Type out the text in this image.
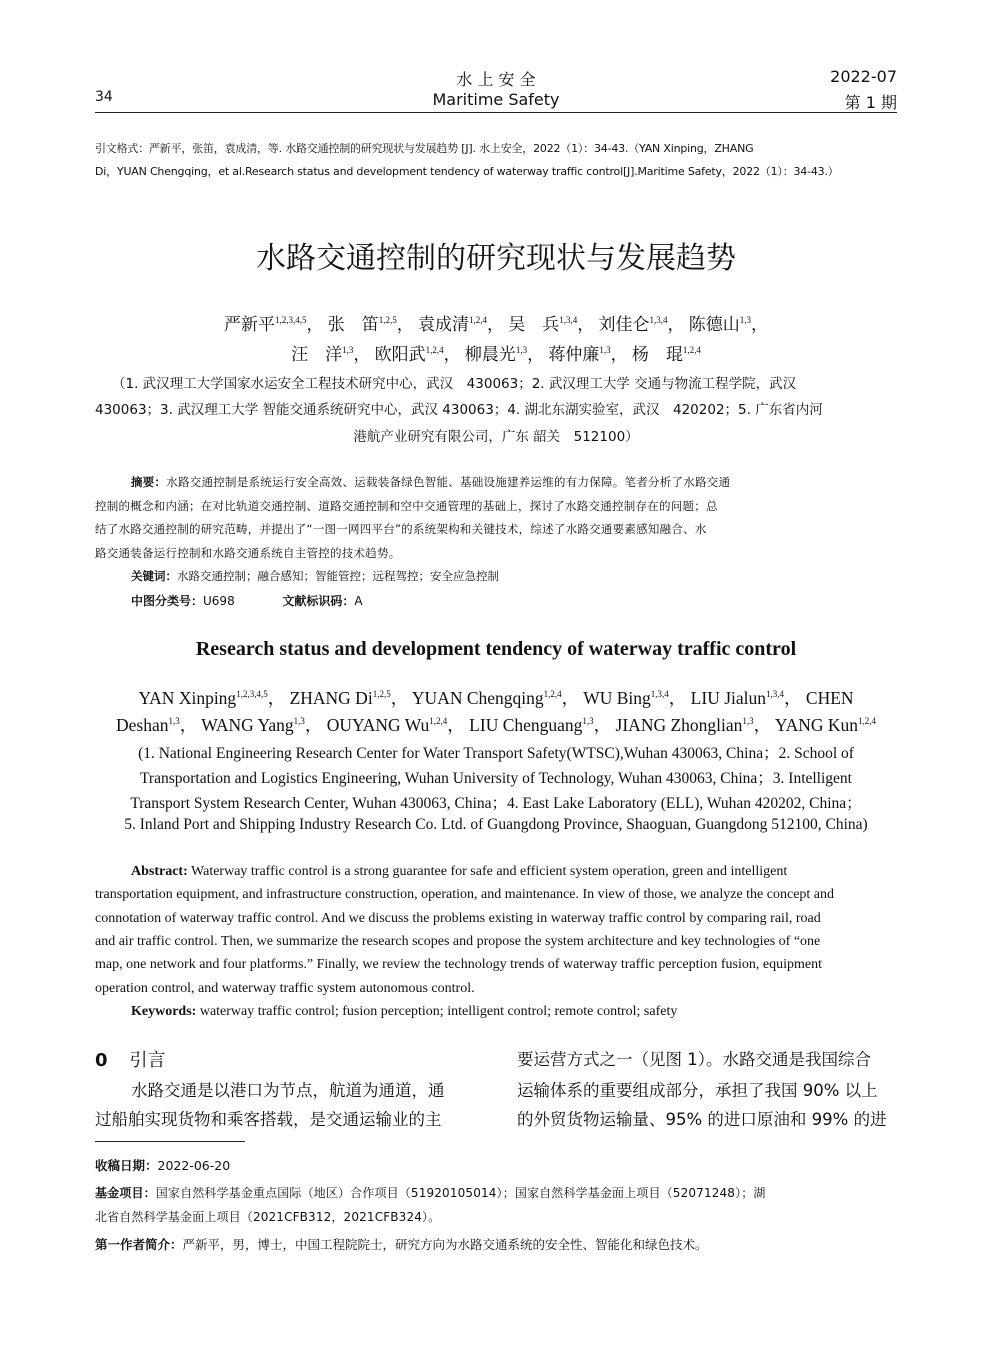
34
水 上 安 全
Maritime Safety
2022-07
第 1 期
引文格式：严新平，张笛，袁成清，等. 水路交通控制的研究现状与发展趋势 [J]. 水上安全，2022（1）：34-43.（YAN Xinping，ZHANG
Di，YUAN Chengqing，et al.Research status and development tendency of waterway traffic control[J].Maritime Safety，2022（1）：34-43.）
水路交通控制的研究现状与发展趋势
严新平$^{1,2,3,4,5}$， 张　笛$^{1,2,5}$， 袁成清$^{1,2,4}$， 吴　兵$^{1,3,4}$， 刘佳仑$^{1,3,4}$， 陈德山$^{1,3}$，
汪　洋$^{1,3}$， 欧阳武$^{1,2,4}$， 柳晨光$^{1,3}$， 蒋仲廉$^{1,3}$， 杨　琨$^{1,2,4}$
（1. 武汉理工大学国家水运安全工程技术研究中心，武汉　430063；2. 武汉理工大学 交通与物流工程学院，武汉
430063；3. 武汉理工大学 智能交通系统研究中心，武汉 430063；4. 湖北东湖实验室，武汉　420202；5. 广东省内河
港航产业研究有限公司，广东 韶关　512100）
摘要：水路交通控制是系统运行安全高效、运载装备绿色智能、基础设施建养运维的有力保障。笔者分析了水路交通
控制的概念和内涵；在对比轨道交通控制、道路交通控制和空中交通管理的基础上，探讨了水路交通控制存在的问题；总
结了水路交通控制的研究范畴，并提出了“一图一网四平台”的系统架构和关键技术，综述了水路交通要素感知融合、水
路交通装备运行控制和水路交通系统自主管控的技术趋势。
关键词：水路交通控制；融合感知；智能管控；远程驾控；安全应急控制
中图分类号：U698	文献标识码：A
Research status and development tendency of waterway traffic control
YAN Xinping$^{1,2,3,4,5}$， ZHANG Di$^{1,2,5}$， YUAN Chengqing$^{1,2,4}$， WU Bing$^{1,3,4}$， LIU Jialun$^{1,3,4}$， CHEN
Deshan$^{1,3}$， WANG Yang$^{1,3}$， OUYANG Wu$^{1,2,4}$， LIU Chenguang$^{1,3}$， JIANG Zhonglian$^{1,3}$， YANG Kun$^{1,2,4}$
(1. National Engineering Research Center for Water Transport Safety(WTSC),Wuhan 430063, China；2. School of
Transportation and Logistics Engineering, Wuhan University of Technology, Wuhan 430063, China；3. Intelligent
Transport System Research Center, Wuhan 430063, China；4. East Lake Laboratory (ELL), Wuhan 420202, China；
5. Inland Port and Shipping Industry Research Co. Ltd. of Guangdong Province, Shaoguan, Guangdong 512100, China)
Abstract: Waterway traffic control is a strong guarantee for safe and efficient system operation, green and intelligent
transportation equipment, and infrastructure construction, operation, and maintenance. In view of those, we analyze the concept and
connotation of waterway traffic control. And we discuss the problems existing in waterway traffic control by comparing rail, road
and air traffic control. Then, we summarize the research scopes and propose the system architecture and key technologies of “one
map, one network and four platforms.” Finally, we review the technology trends of waterway traffic perception fusion, equipment
operation control, and waterway traffic system autonomous control.
Keywords: waterway traffic control; fusion perception; intelligent control; remote control; safety
0 引言
水路交通是以港口为节点，航道为通道，通
过船舶实现货物和乘客搭载，是交通运输业的主
要运营方式之一（见图 1）。水路交通是我国综合
运输体系的重要组成部分，承担了我国 90% 以上
的外贸货物运输量、95% 的进口原油和 99% 的进
收稿日期：2022-06-20
基金项目：国家自然科学基金重点国际（地区）合作项目（51920105014）；国家自然科学基金面上项目（52071248）；湖
北省自然科学基金面上项目（2021CFB312，2021CFB324）。
第一作者简介：严新平，男，博士，中国工程院院士，研究方向为水路交通系统的安全性、智能化和绿色技术。
